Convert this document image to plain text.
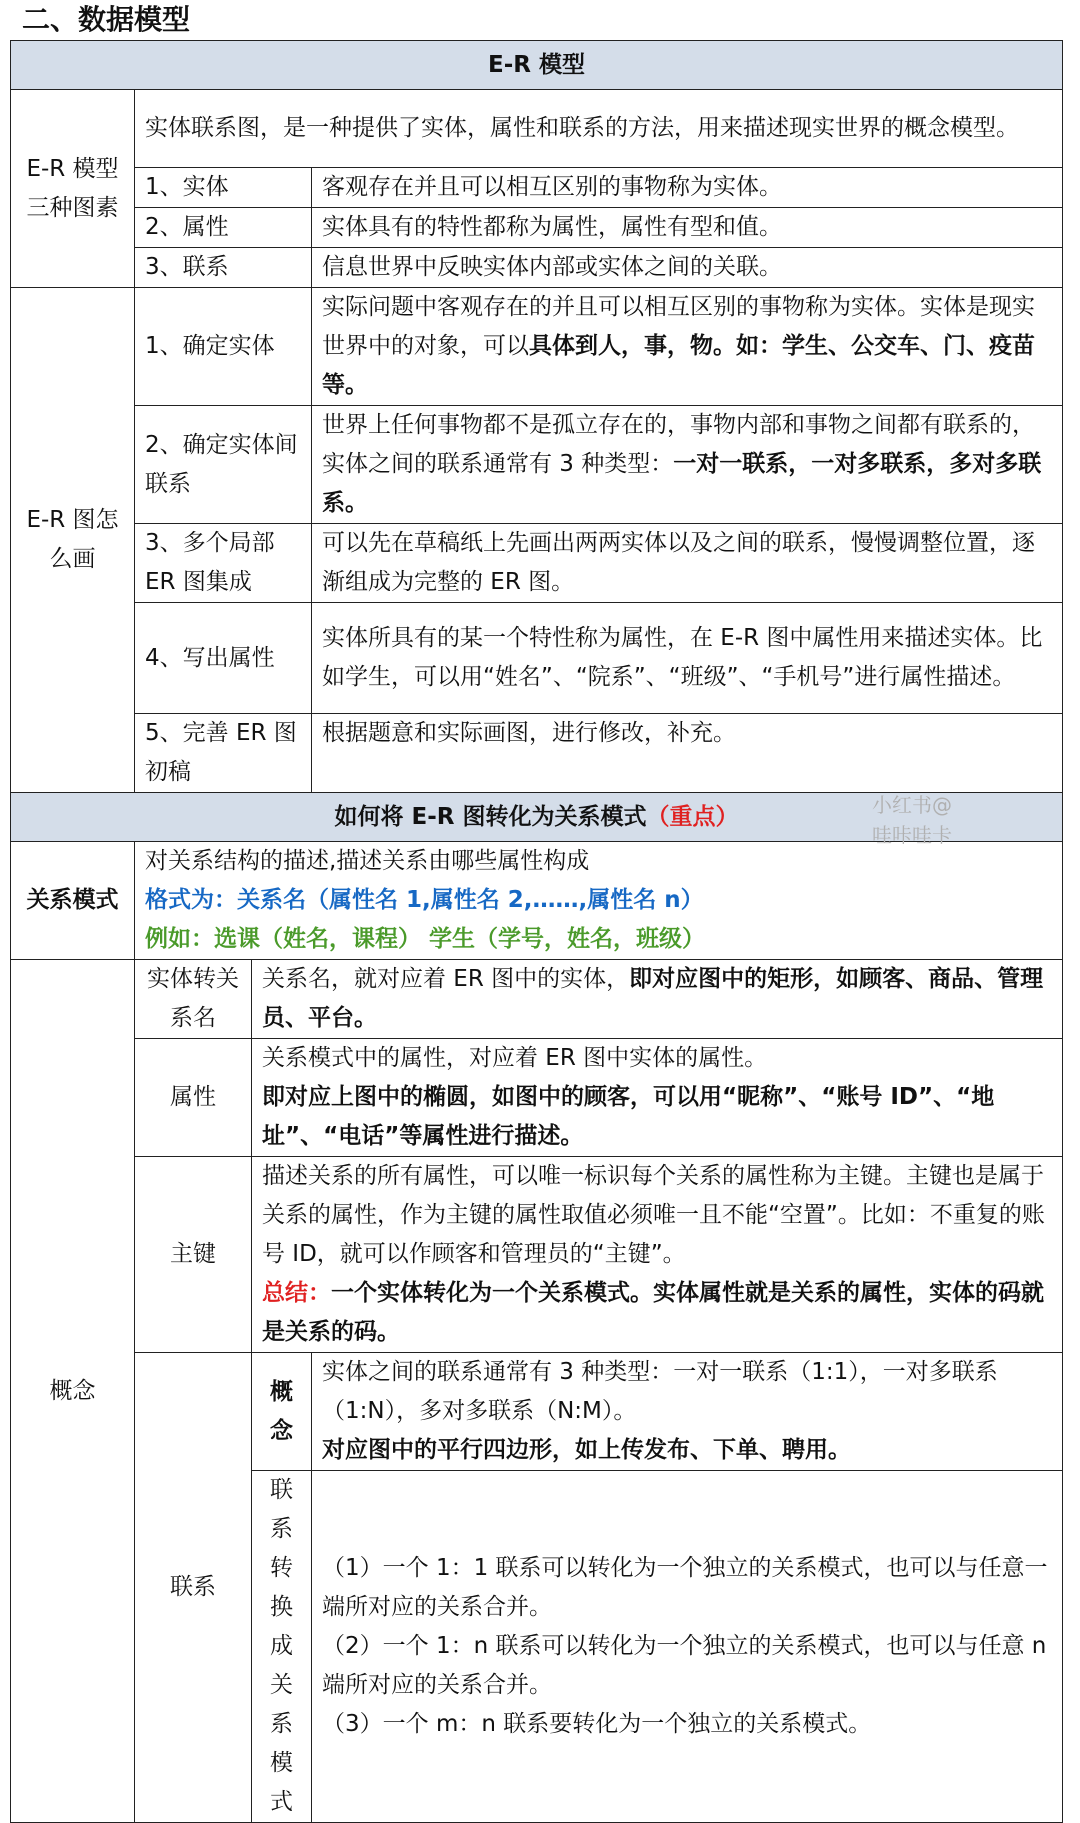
二、数据模型
E-R 模型			
E-R 模型三种图素	实体联系图，是一种提供了实体，属性和联系的方法，用来描述现实世界的概念模型。		
	1、实体		客观存在并且可以相互区别的事物称为实体。
	2、属性		实体具有的特性都称为属性，属性有型和值。
	3、联系		信息世界中反映实体内部或实体之间的关联。
E-R 图怎么画	1、确定实体		实际问题中客观存在的并且可以相互区别的事物称为实体。实体是现实世界中的对象，可以具体到人，事，物。如：学生、公交车、门、疫苗等。
	2、确定实体间联系		世界上任何事物都不是孤立存在的，事物内部和事物之间都有联系的，实体之间的联系通常有 3 种类型：一对一联系，一对多联系，多对多联系。
	3、多个局部 ER 图集成		可以先在草稿纸上先画出两两实体以及之间的联系，慢慢调整位置，逐渐组成为完整的 ER 图。
	4、写出属性		实体所具有的某一个特性称为属性，在 E-R 图中属性用来描述实体。比如学生，可以用“姓名”、“院系”、“班级”、“手机号”进行属性描述。
	5、完善 ER 图初稿		根据题意和实际画图，进行修改，补充。
如何将 E-R 图转化为关系模式（重点）			
关系模式	对关系结构的描述,描述关系由哪些属性构成
格式为：关系名（属性名 1,属性名 2,……,属性名 n）
例如：选课（姓名，课程） 学生（学号，姓名，班级）		

概念	实体转关系名	关系名，就对应着 ER 图中的实体，即对应图中的矩形，如顾客、商品、管理员、平台。	
	属性	关系模式中的属性，对应着 ER 图中实体的属性。
即对应上图中的椭圆，如图中的顾客，可以用“昵称”、“账号 ID”、“地址”、“电话”等属性进行描述。	

	主键	描述关系的所有属性，可以唯一标识每个关系的属性称为主键。主键也是属于关系的属性，作为主键的属性取值必须唯一且不能“空置”。比如：不重复的账号 ID，就可以作顾客和管理员的“主键”。
总结：一个实体转化为一个关系模式。实体属性就是关系的属性，实体的码就是关系的码。	

	联系	概念	实体之间的联系通常有 3 种类型：一对一联系（1:1），一对多联系（1:N），多对多联系（N:M）。
对应图中的平行四边形，如上传发布、下单、聘用。

		联系转换成关系模式	（1）一个 1：1 联系可以转化为一个独立的关系模式，也可以与任意一端所对应的关系合并。
（2）一个 1：n 联系可以转化为一个独立的关系模式，也可以与任意 n 端所对应的关系合并。
（3）一个 m：n 联系要转化为一个独立的关系模式。
小红书@
哇咔哇卡
